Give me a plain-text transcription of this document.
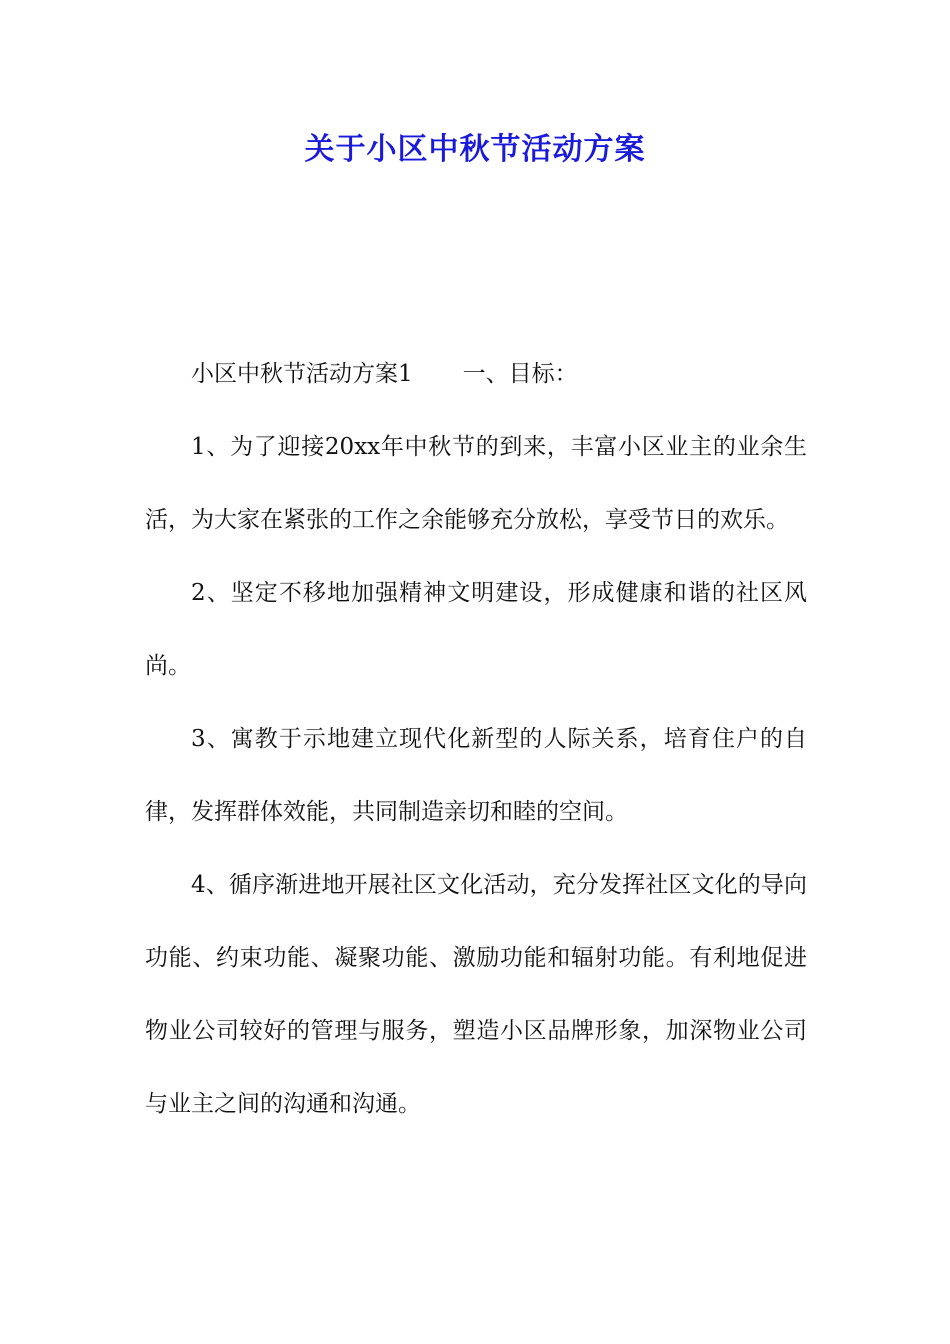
关于小区中秋节活动方案

小区中秋节活动方案1 一、目标：

1、为了迎接20xx年中秋节的到来，丰富小区业主的业余生活，为大家在紧张的工作之余能够充分放松，享受节日的欢乐。

2、坚定不移地加强精神文明建设，形成健康和谐的社区风尚。

3、寓教于示地建立现代化新型的人际关系，培育住户的自律，发挥群体效能，共同制造亲切和睦的空间。

4、循序渐进地开展社区文化活动，充分发挥社区文化的导向功能、约束功能、凝聚功能、激励功能和辐射功能。有利地促进物业公司较好的管理与服务，塑造小区品牌形象，加深物业公司与业主之间的沟通和沟通。
